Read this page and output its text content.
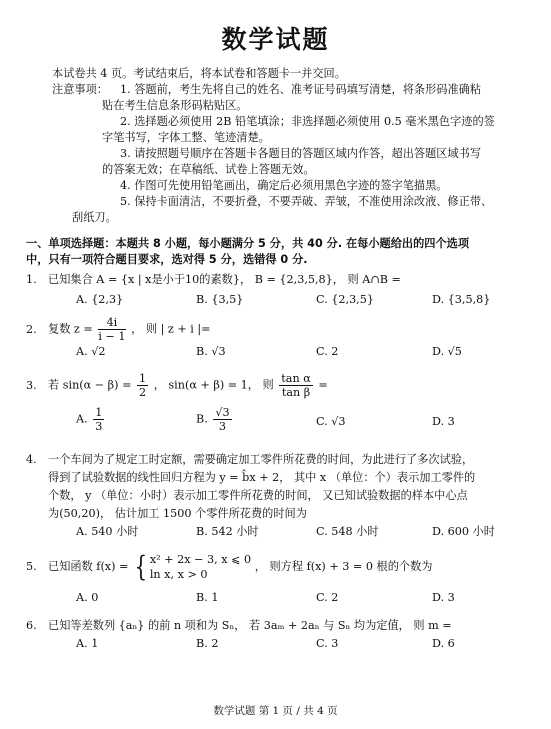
数学试题
本试卷共 4 页。考试结束后，将本试卷和答题卡一并交回。
注意事项：	1. 答题前，考生先将自己的姓名、准考证号码填写清楚，将条形码准确粘
贴在考生信息条形码粘贴区。
2. 选择题必须使用 2B 铅笔填涂；非选择题必须使用 0.5 毫米黑色字迹的签
字笔书写，字体工整、笔迹清楚。
3. 请按照题号顺序在答题卡各题目的答题区域内作答，超出答题区域书写
的答案无效；在草稿纸、试卷上答题无效。
4. 作图可先使用铅笔画出，确定后必须用黑色字迹的签字笔描黑。
5. 保持卡面清洁，不要折叠，不要弄破、弄皱，不准使用涂改液、修正带、
刮纸刀。
一、单项选择题：本题共 8 小题，每小题满分 5 分，共 40 分. 在每小题给出的四个选项
中，只有一项符合题目要求，选对得 5 分，选错得 0 分.
1. 已知集合 A = {x | x是小于10的素数}， B = {2,3,5,8}， 则 A∩B =
A. {2,3}	B. {3,5}	C. {2,3,5}	D. {3,5,8}
2. 复数 $z = \frac{4i}{i - 1}$ ， 则 | z + i |=
A. √2	B. √3	C. 2	D. √5
3. 若 $\sin(\alpha - \beta) = \frac{1}{2}$ ， sin(α + β) = 1， 则 $\frac{\text{tan α}}{\text{tan β}}$ =
A. $\frac{1}{3}$	B. $\frac{√3}{3}$	C. √3	D. 3
4. 一个车间为了规定工时定额，需要确定加工零件所花费的时间，为此进行了多次试验，
得到了试验数据的线性回归方程为 y = b̂x + 2， 其中 x （单位：个）表示加工零件的
个数， y （单位：小时）表示加工零件所花费的时间， 又已知试验数据的样本中心点
为(50,20)， 估计加工 1500 个零件所花费的时间为
A. 540 小时	B. 542 小时	C. 548 小时	D. 600 小时
5. 已知函数 f(x) = { x² + 2x − 3, x ⩽ 0
ln x, x > 0
， 则方程 f(x) + 3 = 0 根的个数为
A. 0	B. 1	C. 2	D. 3
6. 已知等差数列 {aₙ} 的前 n 项和为 Sₙ， 若 3aₘ + 2aₙ 与 Sₙ 均为定值， 则 m =
A. 1	B. 2	C. 3	D. 6
数学试题 第 1 页 / 共 4 页
